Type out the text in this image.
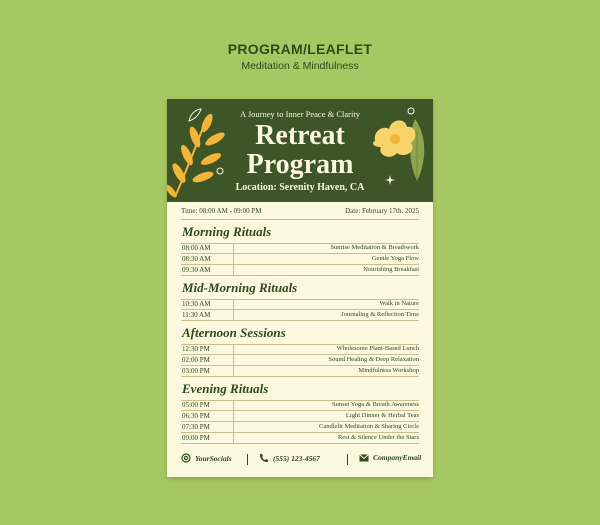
PROGRAM/LEAFLET
Meditation & Mindfulness
A Journey to Inner Peace & Clarity
Retreat
Program
Location: Serenity Haven, CA
Time: 08:00 AM - 09:00 PM	Date: February 17th, 2025
Morning Rituals
08:00 AM	Sunrise Meditation & Breathwork
08:30 AM	Gentle Yoga Flow
09:30 AM	Nourishing Breakfast
Mid-Morning Rituals
10:30 AM	Walk in Nature
11:30 AM	Journaling & Reflection Time
Afternoon Sessions
12:30 PM	Wholesome Plant-Based Lunch
02:00 PM	Sound Healing & Deep Relaxation
03:00 PM	Mindfulness Workshop
Evening Rituals
05:00 PM	Sunset Yoga & Breath Awareness
06:30 PM	Light Dinner & Herbal Teas
07:30 PM	Candlelit Meditation & Sharing Circle
09:00 PM	Rest & Silence Under the Stars
YourSocials	(555) 123-4567	CompanyEmail
